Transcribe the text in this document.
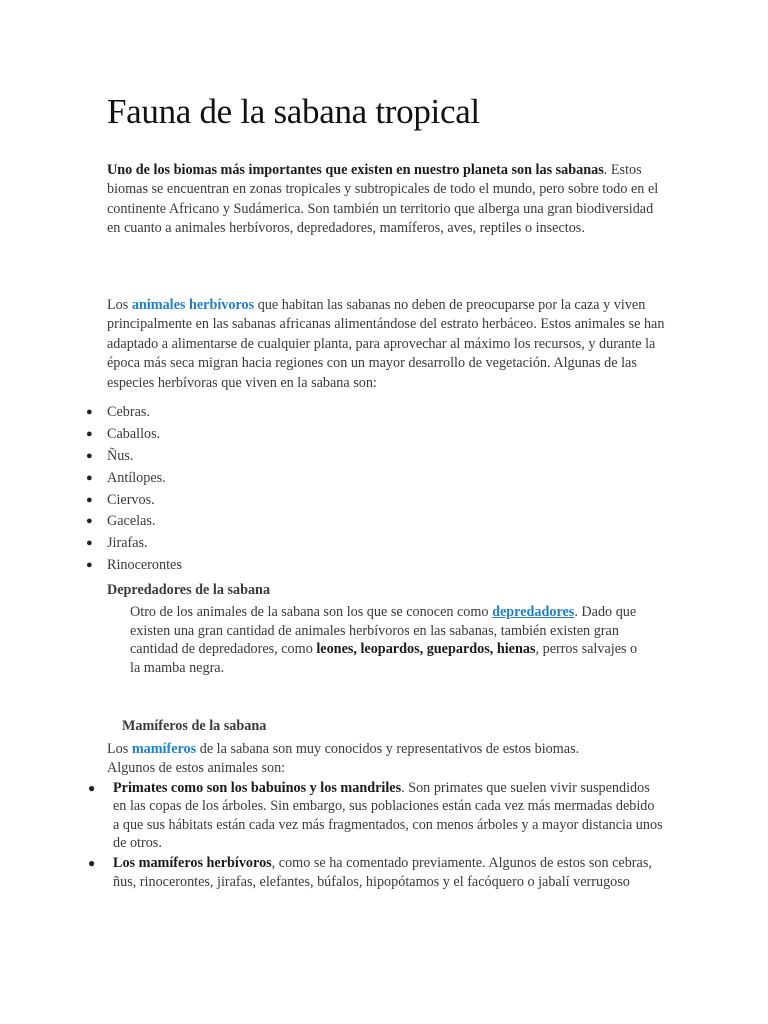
Fauna de la sabana tropical

Uno de los biomas más importantes que existen en nuestro planeta son las sabanas. Estos biomas se encuentran en zonas tropicales y subtropicales de todo el mundo, pero sobre todo en el continente Africano y Sudámerica. Son también un territorio que alberga una gran biodiversidad en cuanto a animales herbívoros, depredadores, mamíferos, aves, reptiles o insectos.

Los animales herbívoros que habitan las sabanas no deben de preocuparse por la caza y viven principalmente en las sabanas africanas alimentándose del estrato herbáceo. Estos animales se han adaptado a alimentarse de cualquier planta, para aprovechar al máximo los recursos, y durante la época más seca migran hacia regiones con un mayor desarrollo de vegetación. Algunas de las especies herbívoras que viven en la sabana son:

● Cebras.
● Caballos.
● Ñus.
● Antílopes.
● Ciervos.
● Gacelas.
● Jirafas.
● Rinocerontes
Depredadores de la sabana

Otro de los animales de la sabana son los que se conocen como depredadores. Dado que existen una gran cantidad de animales herbívoros en las sabanas, también existen gran cantidad de depredadores, como leones, leopardos, guepardos, hienas, perros salvajes o la mamba negra.

Mamíferos de la sabana

Los mamíferos de la sabana son muy conocidos y representativos de estos biomas. Algunos de estos animales son:

● Primates como son los babuinos y los mandriles. Son primates que suelen vivir suspendidos en las copas de los árboles. Sin embargo, sus poblaciones están cada vez más mermadas debido a que sus hábitats están cada vez más fragmentados, con menos árboles y a mayor distancia unos de otros.
● Los mamíferos herbívoros, como se ha comentado previamente. Algunos de estos son cebras, ñus, rinocerontes, jirafas, elefantes, búfalos, hipopótamos y el facóquero o jabalí verrugoso
